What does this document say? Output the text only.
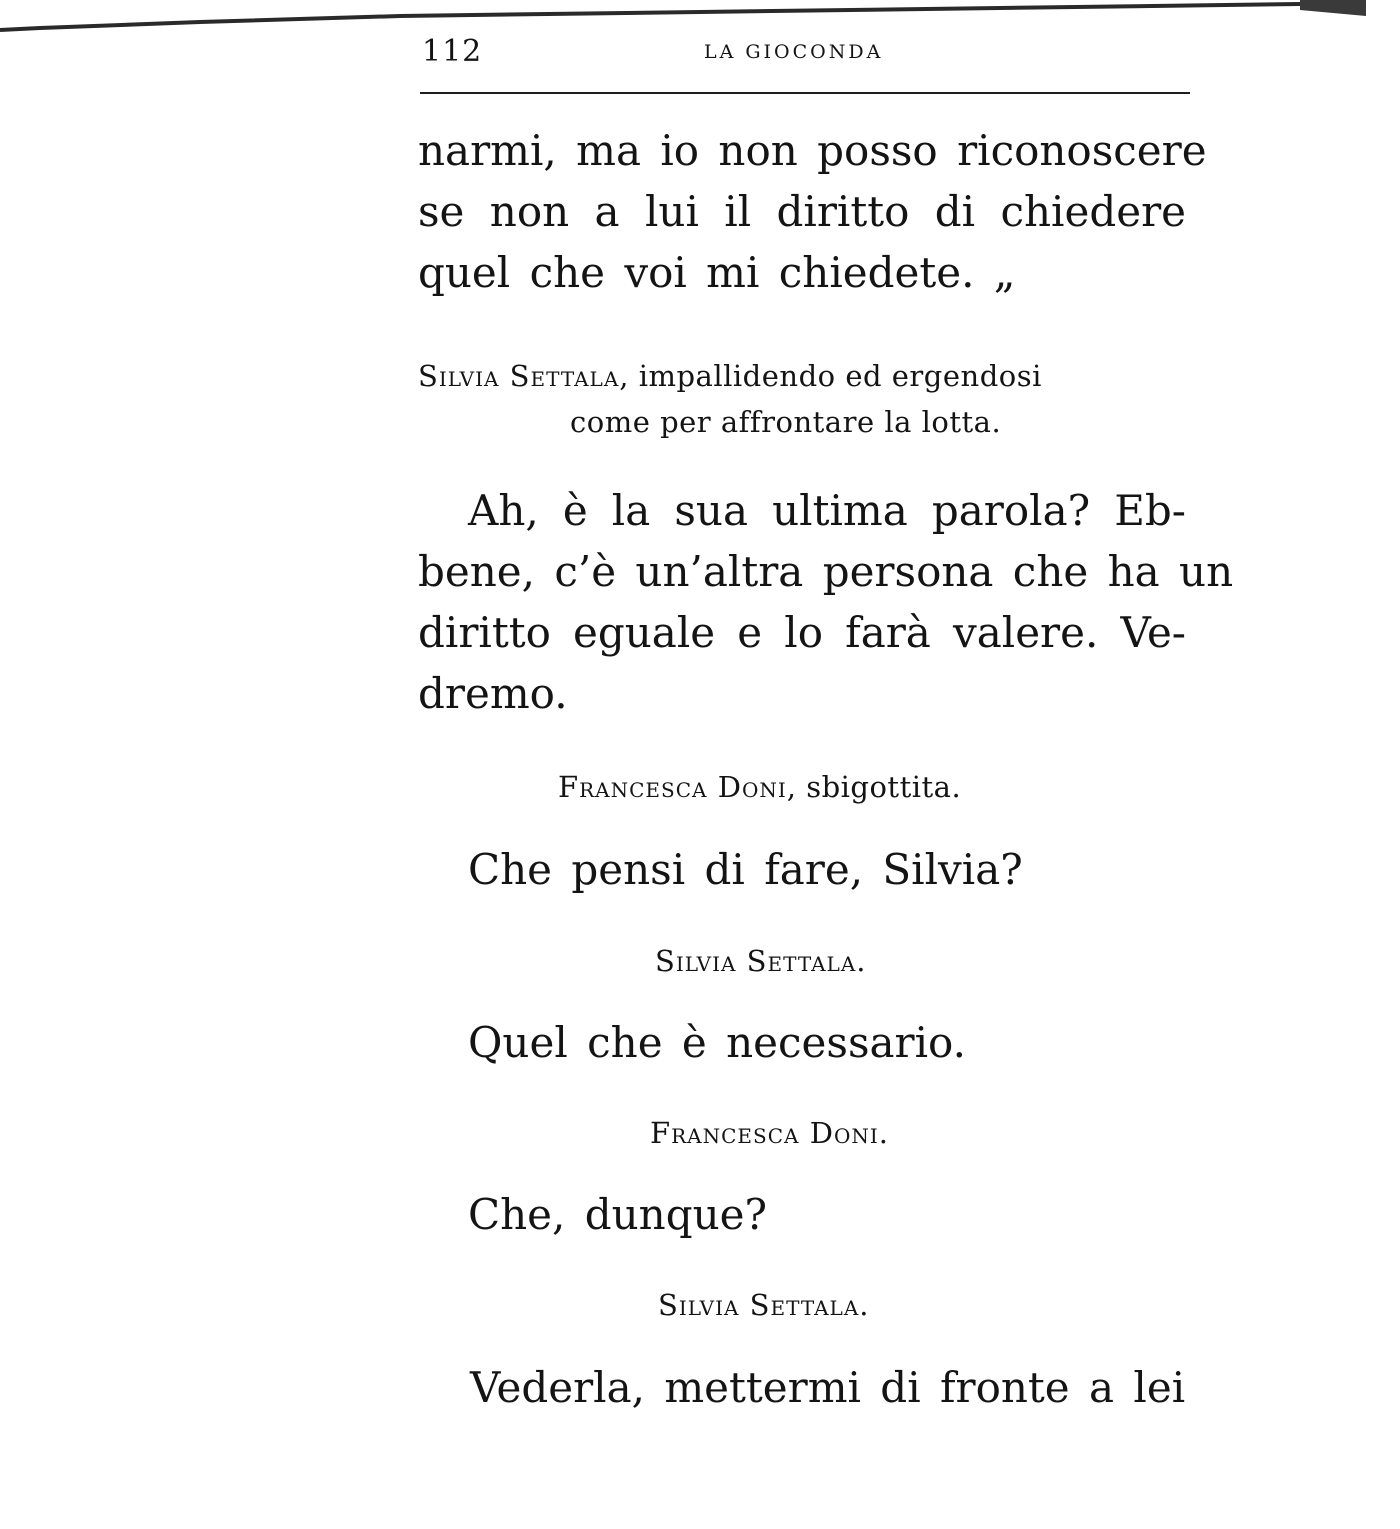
112	LA GIOCONDA
narmi, ma io non posso riconoscere
se non a lui il diritto di chiedere
quel che voi mi chiedete. „
Silvia Settala, impallidendo ed ergendosi
come per affrontare la lotta.
Ah, è la sua ultima parola? Eb-
bene, c’è un’altra persona che ha un
diritto eguale e lo farà valere. Ve-
dremo.
Francesca Doni, sbigottita.
Che pensi di fare, Silvia?
Silvia Settala.
Quel che è necessario.
Francesca Doni.
Che, dunque?
Silvia Settala.
Vederla, mettermi di fronte a lei
